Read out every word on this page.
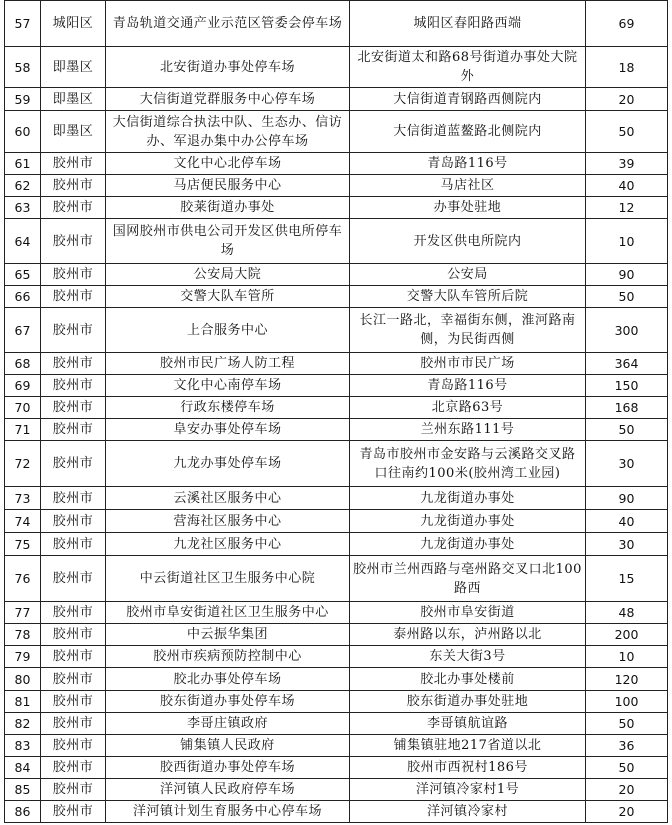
57	城阳区	青岛轨道交通产业示范区管委会停车场	城阳区春阳路西端	69
58	即墨区	北安街道办事处停车场	北安街道太和路68号街道办事处大院外	18
59	即墨区	大信街道党群服务中心停车场	大信街道青钢路西侧院内	20
60	即墨区	大信街道综合执法中队、生态办、信访办、军退办集中办公停车场	大信街道蓝鳌路北侧院内	50
61	胶州市	文化中心北停车场	青岛路116号	39
62	胶州市	马店便民服务中心	马店社区	40
63	胶州市	胶莱街道办事处	办事处驻地	12
64	胶州市	国网胶州市供电公司开发区供电所停车场	开发区供电所院内	10
65	胶州市	公安局大院	公安局	90
66	胶州市	交警大队车管所	交警大队车管所后院	50
67	胶州市	上合服务中心	长江一路北，幸福街东侧，淮河路南侧，为民街西侧	300
68	胶州市	胶州市民广场人防工程	胶州市市民广场	364
69	胶州市	文化中心南停车场	青岛路116号	150
70	胶州市	行政东楼停车场	北京路63号	168
71	胶州市	阜安办事处停车场	兰州东路111号	50
72	胶州市	九龙办事处停车场	青岛市胶州市金安路与云溪路交叉路口往南约100米(胶州湾工业园)	30
73	胶州市	云溪社区服务中心	九龙街道办事处	90
74	胶州市	营海社区服务中心	九龙街道办事处	40
75	胶州市	九龙社区服务中心	九龙街道办事处	30
76	胶州市	中云街道社区卫生服务中心院	胶州市兰州西路与亳州路交叉口北100路西	15
77	胶州市	胶州市阜安街道社区卫生服务中心	胶州市阜安街道	48
78	胶州市	中云振华集团	泰州路以东，泸州路以北	200
79	胶州市	胶州市疾病预防控制中心	东关大街3号	10
80	胶州市	胶北办事处停车场	胶北办事处楼前	120
81	胶州市	胶东街道办事处停车场	胶东街道办事处驻地	100
82	胶州市	李哥庄镇政府	李哥镇航谊路	50
83	胶州市	铺集镇人民政府	铺集镇驻地217省道以北	36
84	胶州市	胶西街道办事处停车场	胶州市西祝村186号	50
85	胶州市	洋河镇人民政府停车场	洋河镇冷家村1号	20
86	胶州市	洋河镇计划生育服务中心停车场	洋河镇冷家村	20
